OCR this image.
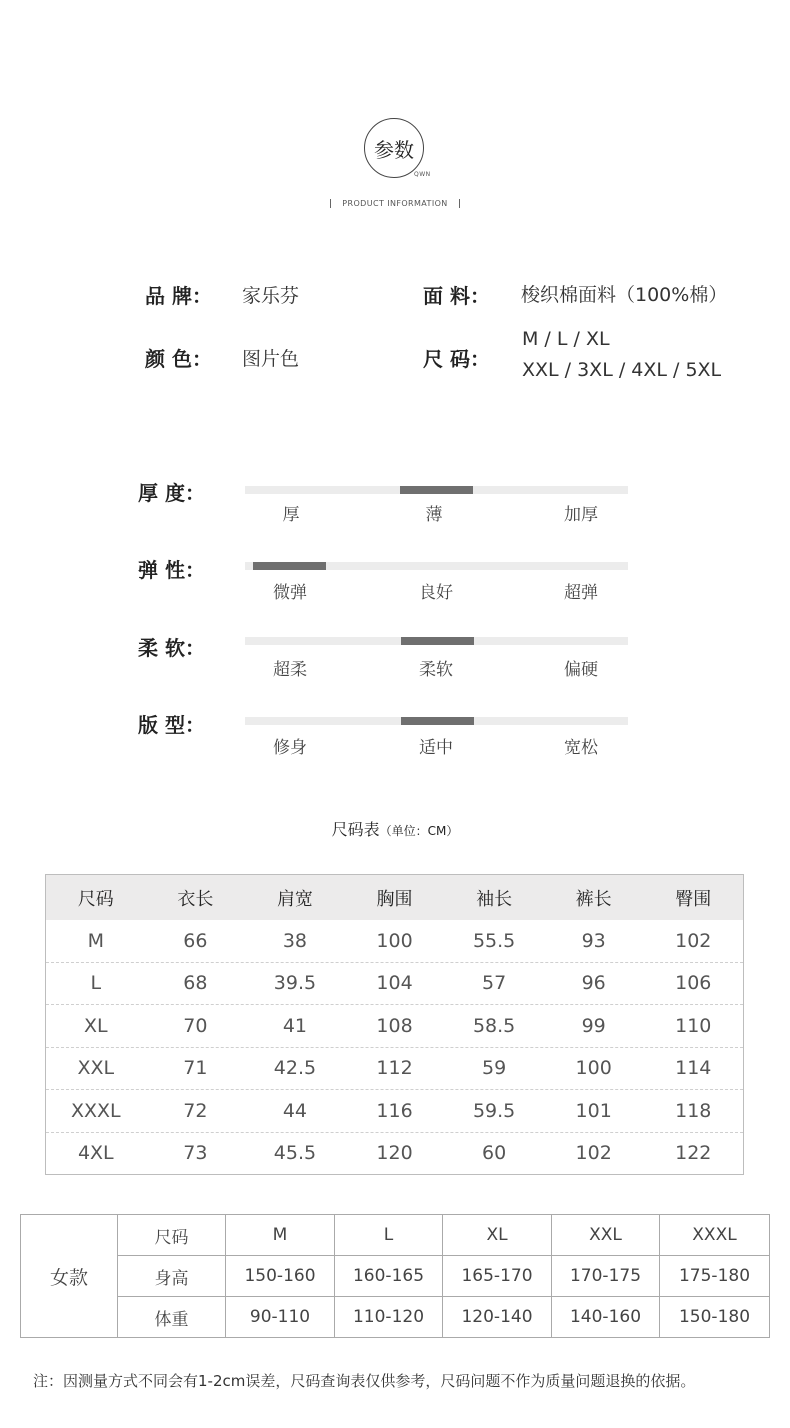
参数
QWN
PRODUCT INFORMATION
品 牌： 家乐芬	面 料： 梭织棉面料（100%棉）
颜 色： 图片色	尺 码：
M / L / XL
XXL / 3XL / 4XL / 5XL
厚 度：
厚	薄	加厚
弹 性：
微弹	良好	超弹
柔 软：
超柔	柔软	偏硬
版 型：
修身	适中	宽松
尺码表（单位：CM）
尺码	衣长	肩宽	胸围	袖长	裤长	臀围
M	66	38	100	55.5	93	102
L	68	39.5	104	57	96	106
XL	70	41	108	58.5	99	110
XXL	71	42.5	112	59	100	114
XXXL	72	44	116	59.5	101	118
4XL	73	45.5	120	60	102	122
女款	尺码	M	L	XL	XXL	XXXL
	身高	150-160	160-165	165-170	170-175	175-180
	体重	90-110	110-120	120-140	140-160	150-180
注：因测量方式不同会有1-2cm误差，尺码查询表仅供参考，尺码问题不作为质量问题退换的依据。
